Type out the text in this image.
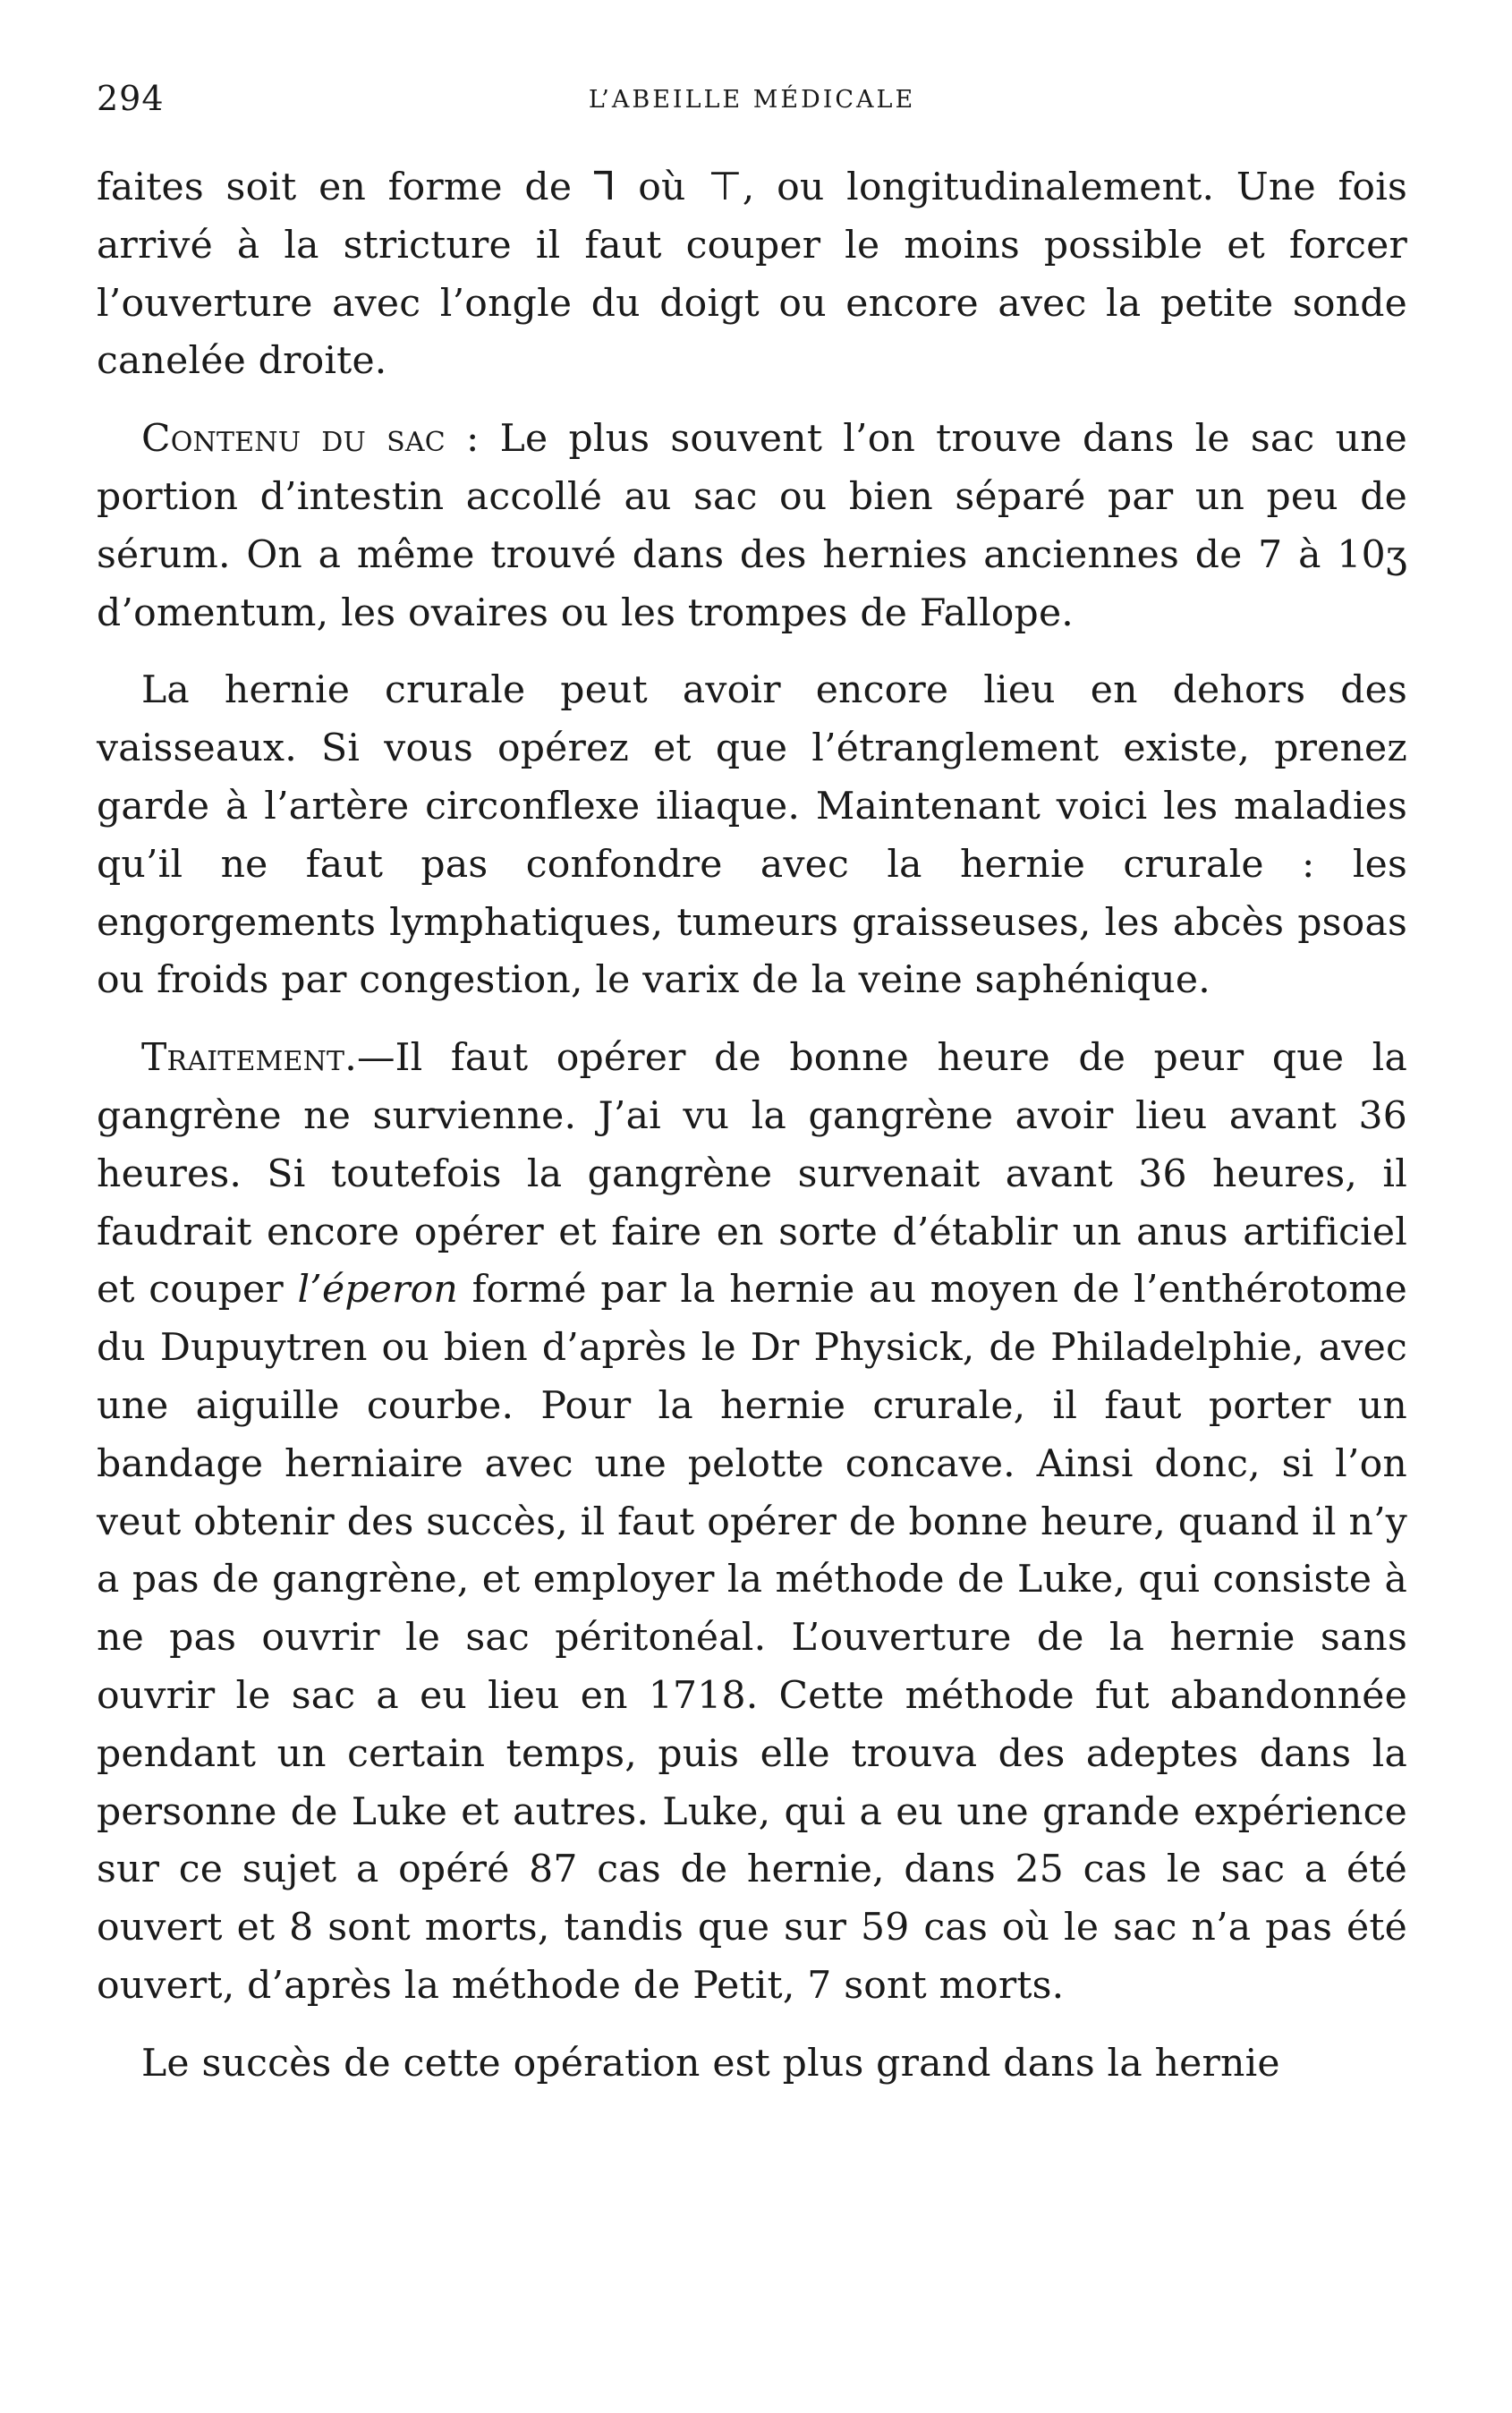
294	L’ABEILLE MÉDICALE

faites soit en forme de ⅂ où ⊤, ou longitudinalement. Une fois arrivé à la stricture il faut couper le moins possible et forcer l’ouverture avec l’ongle du doigt ou encore avec la petite sonde canelée droite.

Contenu du sac : Le plus souvent l’on trouve dans le sac une portion d’intestin accollé au sac ou bien séparé par un peu de sérum. On a même trouvé dans des hernies anciennes de 7 à 10ʒ d’omentum, les ovaires ou les trompes de Fallope.

La hernie crurale peut avoir encore lieu en dehors des vaisseaux. Si vous opérez et que l’étranglement existe, prenez garde à l’artère circonflexe iliaque. Maintenant voici les maladies qu’il ne faut pas confondre avec la hernie crurale : les engorgements lymphatiques, tumeurs graisseuses, les abcès psoas ou froids par congestion, le varix de la veine saphénique.

Traitement.—Il faut opérer de bonne heure de peur que la gangrène ne survienne. J’ai vu la gangrène avoir lieu avant 36 heures. Si toutefois la gangrène survenait avant 36 heures, il faudrait encore opérer et faire en sorte d’établir un anus artificiel et couper l’éperon formé par la hernie au moyen de l’enthérotome du Dupuytren ou bien d’après le Dr Physick, de Philadelphie, avec une aiguille courbe. Pour la hernie crurale, il faut porter un bandage herniaire avec une pelotte concave. Ainsi donc, si l’on veut obtenir des succès, il faut opérer de bonne heure, quand il n’y a pas de gangrène, et employer la méthode de Luke, qui consiste à ne pas ouvrir le sac péritonéal. L’ouverture de la hernie sans ouvrir le sac a eu lieu en 1718. Cette méthode fut abandonnée pendant un certain temps, puis elle trouva des adeptes dans la personne de Luke et autres. Luke, qui a eu une grande expérience sur ce sujet a opéré 87 cas de hernie, dans 25 cas le sac a été ouvert et 8 sont morts, tandis que sur 59 cas où le sac n’a pas été ouvert, d’après la méthode de Petit, 7 sont morts.

Le succès de cette opération est plus grand dans la hernie
